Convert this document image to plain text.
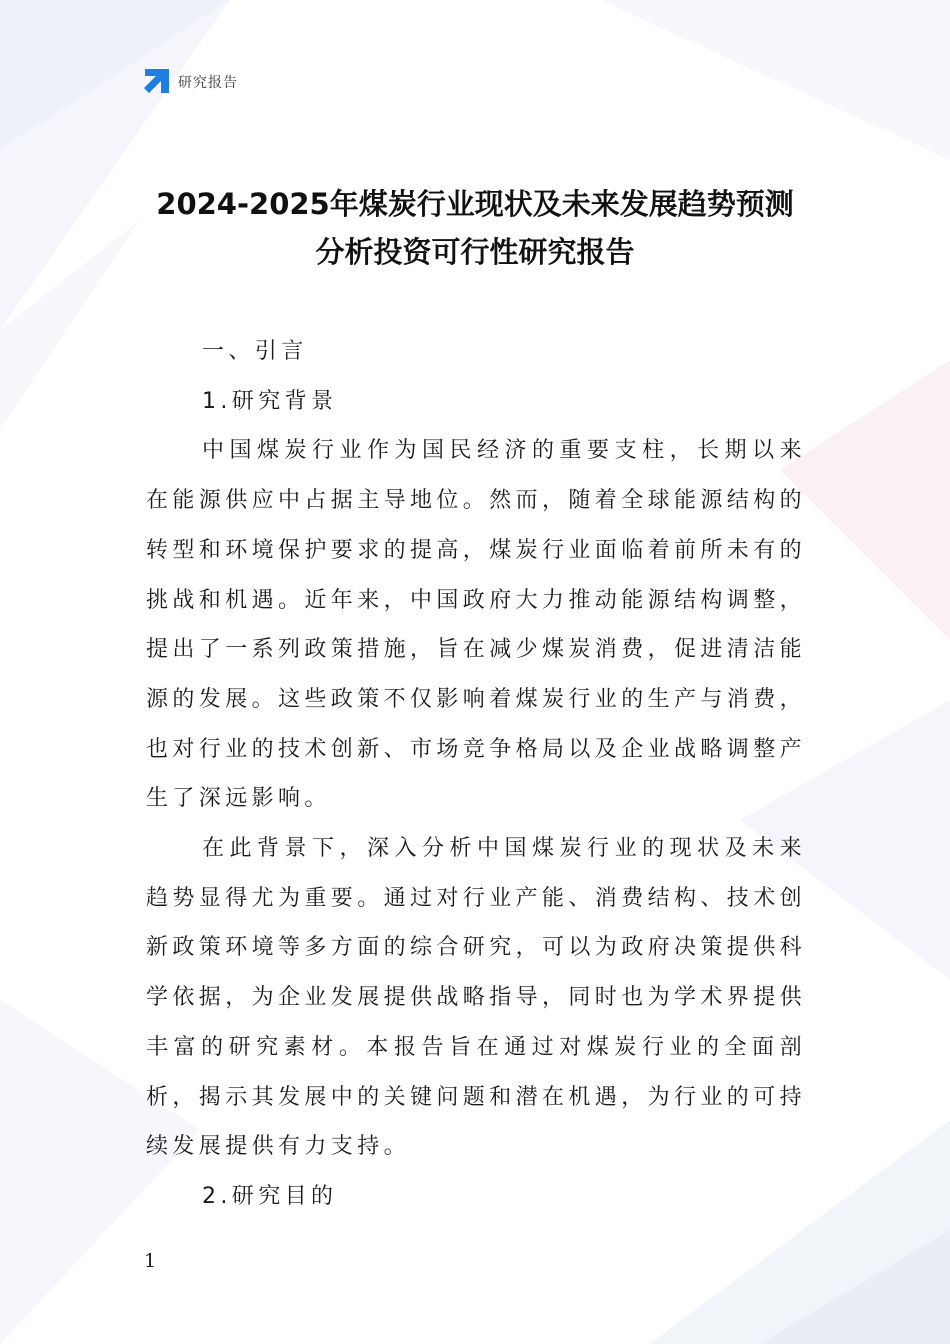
研究报告
2024-2025年煤炭行业现状及未来发展趋势预测
分析投资可行性研究报告

一、引言

1.研究背景

中国煤炭行业作为国民经济的重要支柱，长期以来在能源供应中占据主导地位。然而，随着全球能源结构的转型和环境保护要求的提高，煤炭行业面临着前所未有的挑战和机遇。近年来，中国政府大力推动能源结构调整，提出了一系列政策措施，旨在减少煤炭消费，促进清洁能源的发展。这些政策不仅影响着煤炭行业的生产与消费，也对行业的技术创新、市场竞争格局以及企业战略调整产生了深远影响。

在此背景下，深入分析中国煤炭行业的现状及未来趋势显得尤为重要。通过对行业产能、消费结构、技术创新政策环境等多方面的综合研究，可以为政府决策提供科学依据，为企业发展提供战略指导，同时也为学术界提供丰富的研究素材。本报告旨在通过对煤炭行业的全面剖析，揭示其发展中的关键问题和潜在机遇，为行业的可持续发展提供有力支持。

2.研究目的

1
